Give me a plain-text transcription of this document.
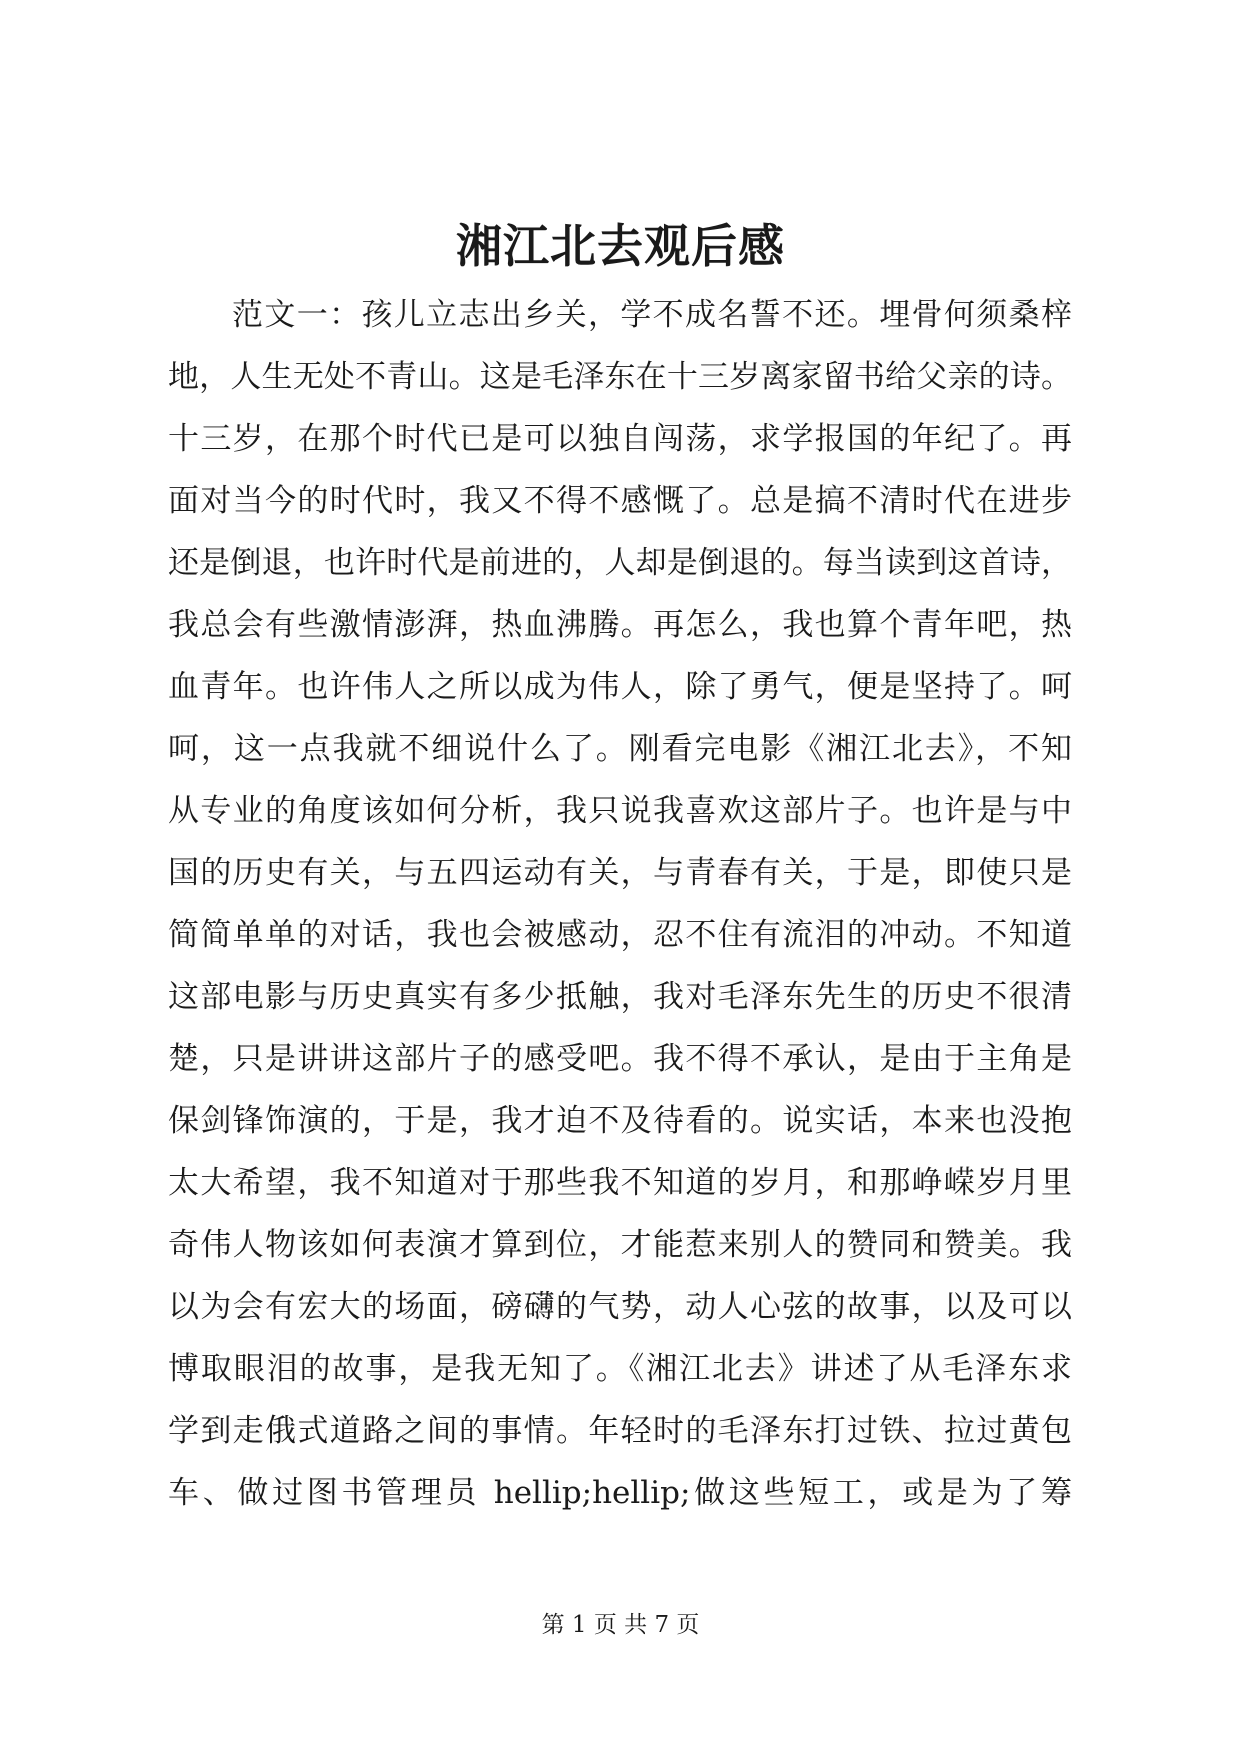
湘江北去观后感
范文一：孩儿立志出乡关，学不成名誓不还。埋骨何须桑梓
地，人生无处不青山。这是毛泽东在十三岁离家留书给父亲的诗。
十三岁，在那个时代已是可以独自闯荡，求学报国的年纪了。再
面对当今的时代时，我又不得不感慨了。总是搞不清时代在进步
还是倒退，也许时代是前进的，人却是倒退的。每当读到这首诗，
我总会有些激情澎湃，热血沸腾。再怎么，我也算个青年吧，热
血青年。也许伟人之所以成为伟人，除了勇气，便是坚持了。呵
呵，这一点我就不细说什么了。刚看完电影《湘江北去》，不知
从专业的角度该如何分析，我只说我喜欢这部片子。也许是与中
国的历史有关，与五四运动有关，与青春有关，于是，即使只是
简简单单的对话，我也会被感动，忍不住有流泪的冲动。不知道
这部电影与历史真实有多少抵触，我对毛泽东先生的历史不很清
楚，只是讲讲这部片子的感受吧。我不得不承认，是由于主角是
保剑锋饰演的，于是，我才迫不及待看的。说实话，本来也没抱
太大希望，我不知道对于那些我不知道的岁月，和那峥嵘岁月里
奇伟人物该如何表演才算到位，才能惹来别人的赞同和赞美。我
以为会有宏大的场面，磅礴的气势，动人心弦的故事，以及可以
博取眼泪的故事，是我无知了。《湘江北去》讲述了从毛泽东求
学到走俄式道路之间的事情。年轻时的毛泽东打过铁、拉过黄包
车、做过图书管理员 hellip;hellip;做这些短工，或是为了筹
第 1 页 共 7 页
